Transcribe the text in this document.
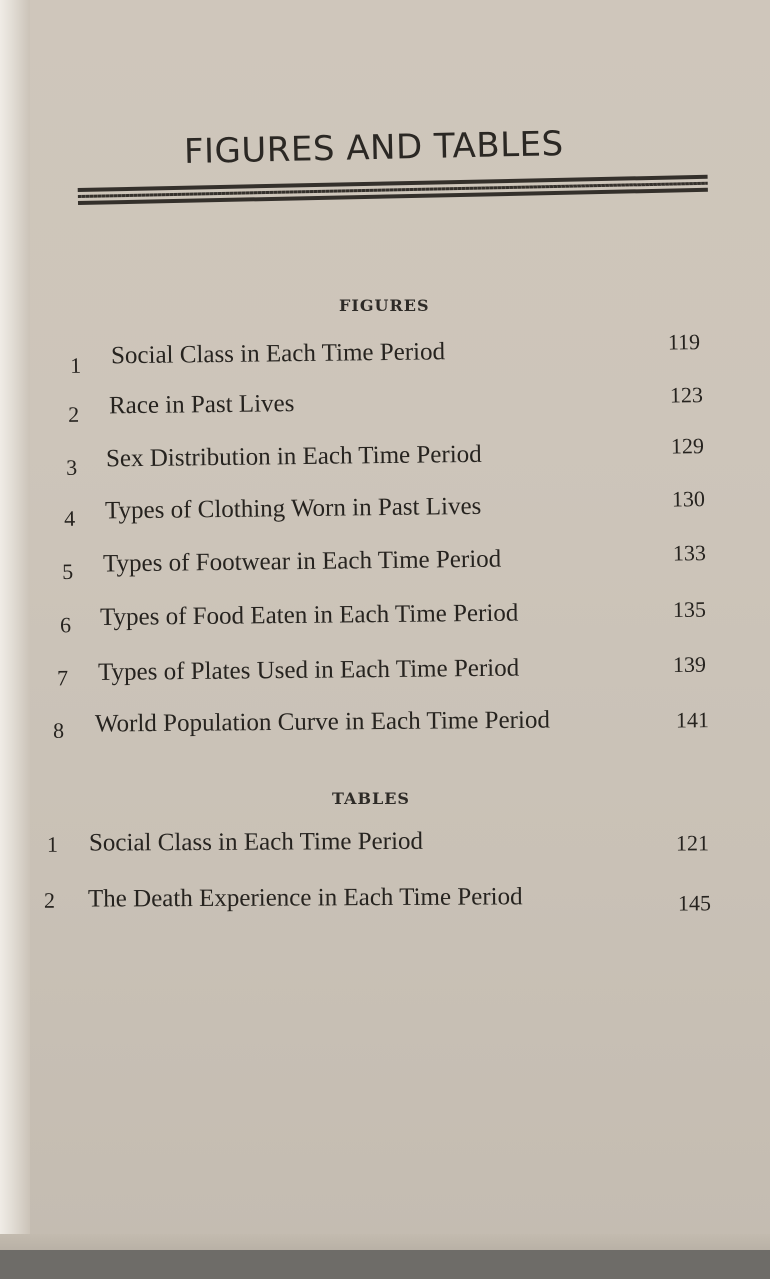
FIGURES AND TABLES
FIGURES
1 Social Class in Each Time Period	119
2 Race in Past Lives	123
3 Sex Distribution in Each Time Period	129
4 Types of Clothing Worn in Past Lives	130
5 Types of Footwear in Each Time Period	133
6 Types of Food Eaten in Each Time Period	135
7 Types of Plates Used in Each Time Period	139
8 World Population Curve in Each Time Period	141
TABLES
1 Social Class in Each Time Period	121
2 The Death Experience in Each Time Period	145
